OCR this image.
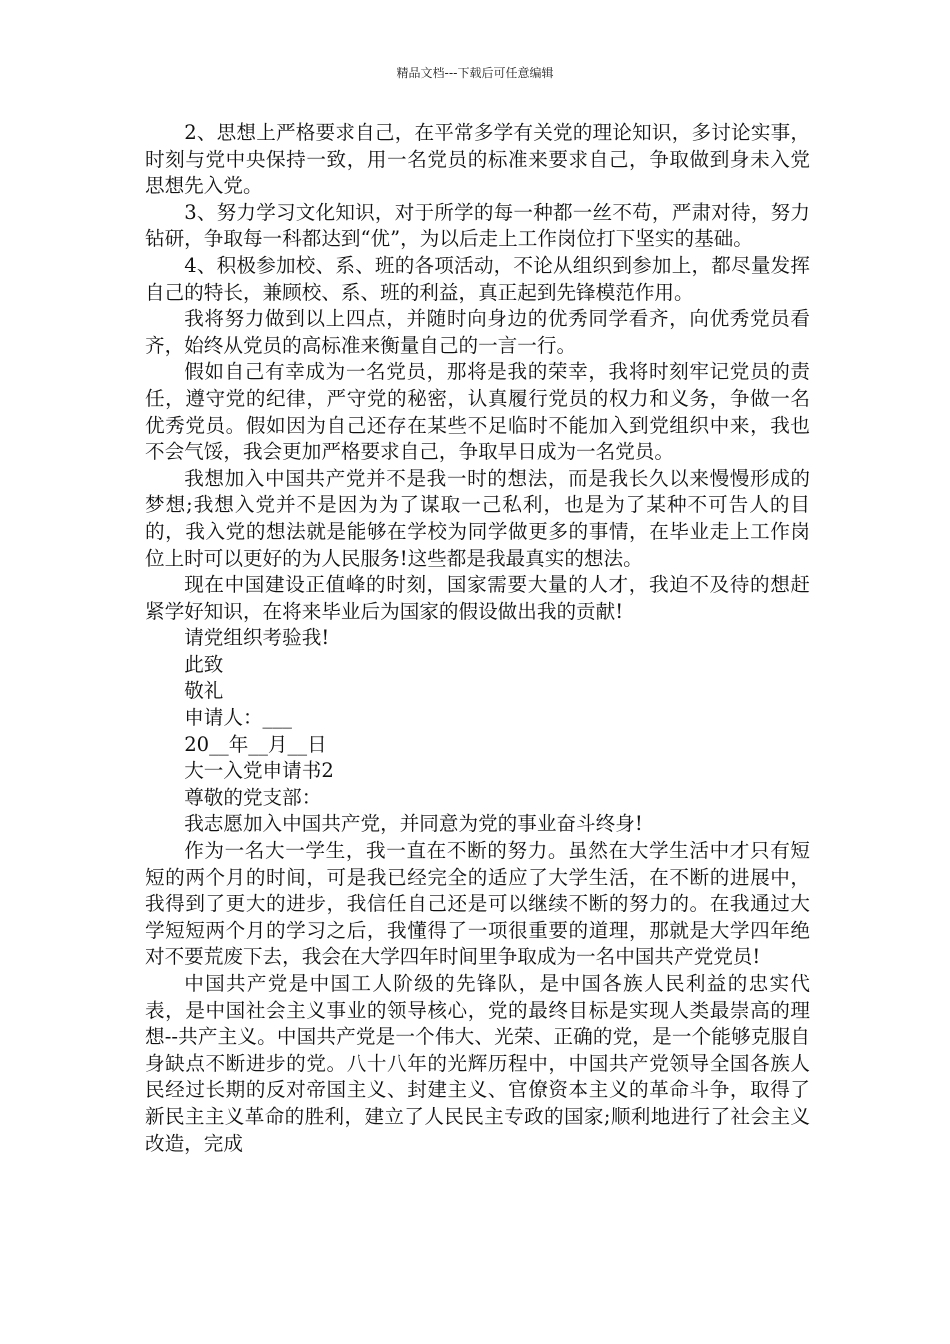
精品文档---下载后可任意编辑

2、思想上严格要求自己，在平常多学有关党的理论知识，多讨论实事，时刻与党中央保持一致，用一名党员的标准来要求自己，争取做到身未入党思想先入党。

3、努力学习文化知识，对于所学的每一种都一丝不苟，严肃对待，努力钻研，争取每一科都达到“优”，为以后走上工作岗位打下坚实的基础。

4、积极参加校、系、班的各项活动，不论从组织到参加上，都尽量发挥自己的特长，兼顾校、系、班的利益，真正起到先锋模范作用。

我将努力做到以上四点，并随时向身边的优秀同学看齐，向优秀党员看齐，始终从党员的高标准来衡量自己的一言一行。

假如自己有幸成为一名党员，那将是我的荣幸，我将时刻牢记党员的责任，遵守党的纪律，严守党的秘密，认真履行党员的权力和义务，争做一名优秀党员。假如因为自己还存在某些不足临时不能加入到党组织中来，我也不会气馁，我会更加严格要求自己，争取早日成为一名党员。

我想加入中国共产党并不是我一时的想法，而是我长久以来慢慢形成的梦想;我想入党并不是因为为了谋取一己私利，也是为了某种不可告人的目的，我入党的想法就是能够在学校为同学做更多的事情，在毕业走上工作岗位上时可以更好的为人民服务!这些都是我最真实的想法。

现在中国建设正值峰的时刻，国家需要大量的人才，我迫不及待的想赶紧学好知识，在将来毕业后为国家的假设做出我的贡献!

请党组织考验我!

此致

敬礼

申请人：___

20__年__月__日

大一入党申请书2

尊敬的党支部：

我志愿加入中国共产党，并同意为党的事业奋斗终身!

作为一名大一学生，我一直在不断的努力。虽然在大学生活中才只有短短的两个月的时间，可是我已经完全的适应了大学生活，在不断的进展中，我得到了更大的进步，我信任自己还是可以继续不断的努力的。在我通过大学短短两个月的学习之后，我懂得了一项很重要的道理，那就是大学四年绝对不要荒废下去，我会在大学四年时间里争取成为一名中国共产党党员!

中国共产党是中国工人阶级的先锋队，是中国各族人民利益的忠实代表，是中国社会主义事业的领导核心，党的最终目标是实现人类最崇高的理想--共产主义。中国共产党是一个伟大、光荣、正确的党，是一个能够克服自身缺点不断进步的党。八十八年的光辉历程中，中国共产党领导全国各族人民经过长期的反对帝国主义、封建主义、官僚资本主义的革命斗争，取得了新民主主义革命的胜利，建立了人民民主专政的国家;顺利地进行了社会主义改造，完成
